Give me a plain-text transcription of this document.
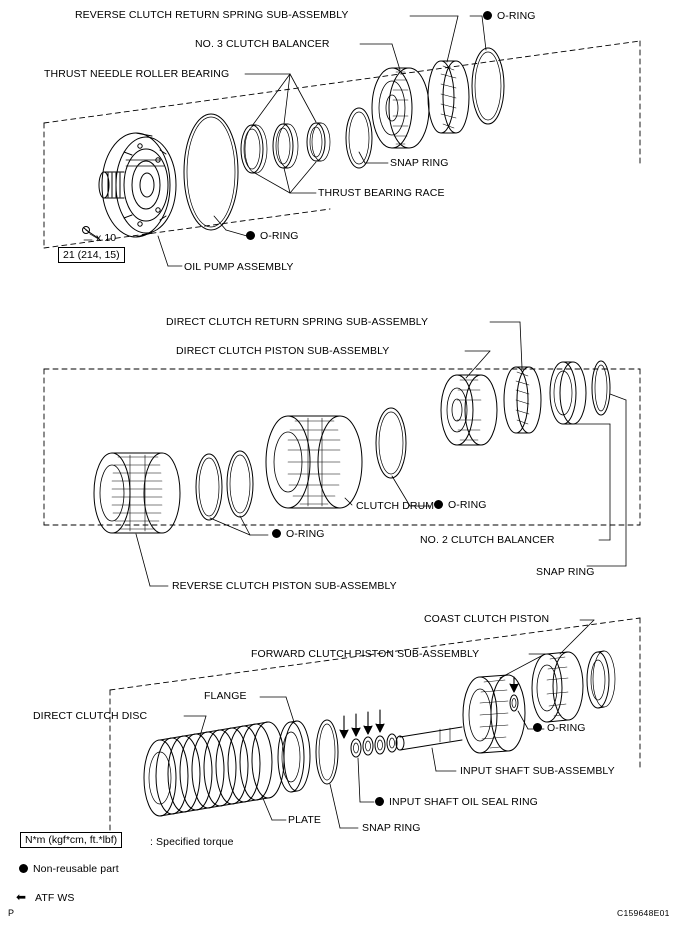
REVERSE CLUTCH RETURN SPRING SUB-ASSEMBLY	O-RING
NO. 3 CLUTCH BALANCER
THRUST NEEDLE ROLLER BEARING
SNAP RING
THRUST BEARING RACE
O-RING
x 10
21 (214, 15)
OIL PUMP ASSEMBLY
DIRECT CLUTCH RETURN SPRING SUB-ASSEMBLY
DIRECT CLUTCH PISTON SUB-ASSEMBLY
O-RING
CLUTCH DRUM
O-RING	NO. 2 CLUTCH BALANCER
SNAP RING
REVERSE CLUTCH PISTON SUB-ASSEMBLY
COAST CLUTCH PISTON
FORWARD CLUTCH PISTON SUB-ASSEMBLY
FLANGE
DIRECT CLUTCH DISC
O-RING
INPUT SHAFT SUB-ASSEMBLY
INPUT SHAFT OIL SEAL RING
PLATE
SNAP RING
N*m (kgf*cm, ft.*lbf)	: Specified torque
Non-reusable part
⬅ ATF WS
P	C159648E01
